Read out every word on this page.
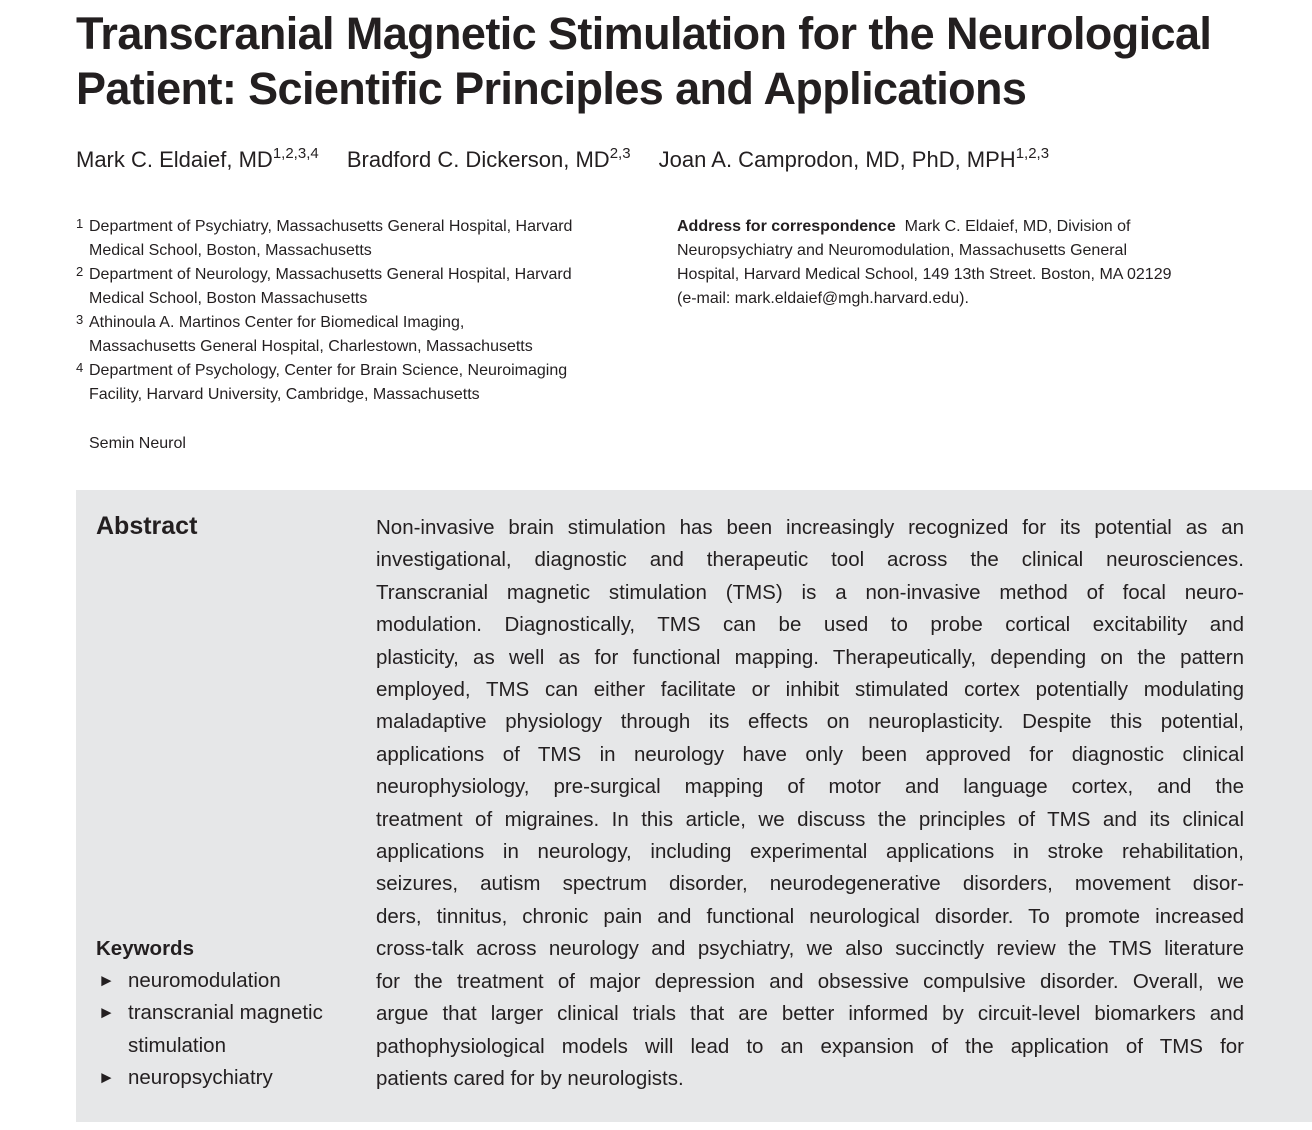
Transcranial Magnetic Stimulation for the Neurological
Patient: Scientific Principles and Applications
Mark C. Eldaief, MD$^{1,2,3,4}$ Bradford C. Dickerson, MD$^{2,3}$ Joan A. Camprodon, MD, PhD, MPH$^{1,2,3}$
1 Department of Psychiatry, Massachusetts General Hospital, Harvard
Medical School, Boston, Massachusetts
2 Department of Neurology, Massachusetts General Hospital, Harvard
Medical School, Boston Massachusetts
3 Athinoula A. Martinos Center for Biomedical Imaging,
Massachusetts General Hospital, Charlestown, Massachusetts
4 Department of Psychology, Center for Brain Science, Neuroimaging
Facility, Harvard University, Cambridge, Massachusetts
Semin Neurol
Address for correspondence Mark C. Eldaief, MD, Division of
Neuropsychiatry and Neuromodulation, Massachusetts General
Hospital, Harvard Medical School, 149 13th Street. Boston, MA 02129
(e-mail: mark.eldaief@mgh.harvard.edu).
Abstract	Non-invasive brain stimulation has been increasingly recognized for its potential as an
investigational, diagnostic and therapeutic tool across the clinical neurosciences.
Transcranial magnetic stimulation (TMS) is a non-invasive method of focal neuro-
modulation. Diagnostically, TMS can be used to probe cortical excitability and
plasticity, as well as for functional mapping. Therapeutically, depending on the pattern
employed, TMS can either facilitate or inhibit stimulated cortex potentially modulating
maladaptive physiology through its effects on neuroplasticity. Despite this potential,
applications of TMS in neurology have only been approved for diagnostic clinical
neurophysiology, pre-surgical mapping of motor and language cortex, and the
treatment of migraines. In this article, we discuss the principles of TMS and its clinical
applications in neurology, including experimental applications in stroke rehabilitation,
seizures, autism spectrum disorder, neurodegenerative disorders, movement disor-
ders, tinnitus, chronic pain and functional neurological disorder. To promote increased
cross-talk across neurology and psychiatry, we also succinctly review the TMS literature
for the treatment of major depression and obsessive compulsive disorder. Overall, we
argue that larger clinical trials that are better informed by circuit-level biomarkers and
pathophysiological models will lead to an expansion of the application of TMS for
patients cared for by neurologists.
Keywords
► neuromodulation
► transcranial magnetic
stimulation
► neuropsychiatry
